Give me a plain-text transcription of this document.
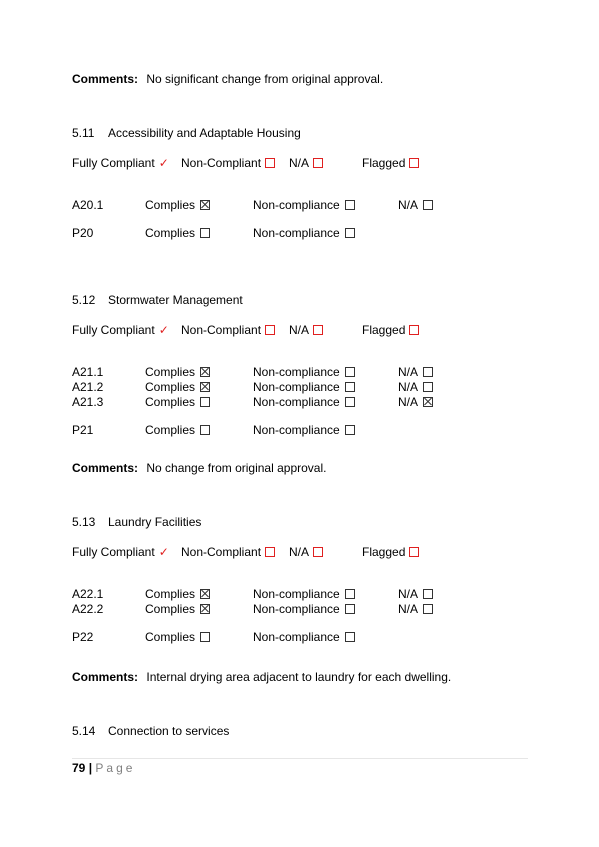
Comments: No significant change from original approval.
5.11 Accessibility and Adaptable Housing
Fully Compliant ✓ Non-Compliant	N/A	Flagged
A20.1	Complies	Non-compliance	N/A
P20	Complies	Non-compliance
5.12 Stormwater Management
Fully Compliant ✓ Non-Compliant	N/A	Flagged
A21.1	Complies	Non-compliance	N/A
A21.2	Complies	Non-compliance	N/A
A21.3	Complies	Non-compliance	N/A
P21	Complies	Non-compliance
Comments: No change from original approval.
5.13 Laundry Facilities
Fully Compliant ✓ Non-Compliant	N/A	Flagged
A22.1	Complies	Non-compliance	N/A
A22.2	Complies	Non-compliance	N/A
P22	Complies	Non-compliance
Comments: Internal drying area adjacent to laundry for each dwelling.
5.14 Connection to services
79 | Page
